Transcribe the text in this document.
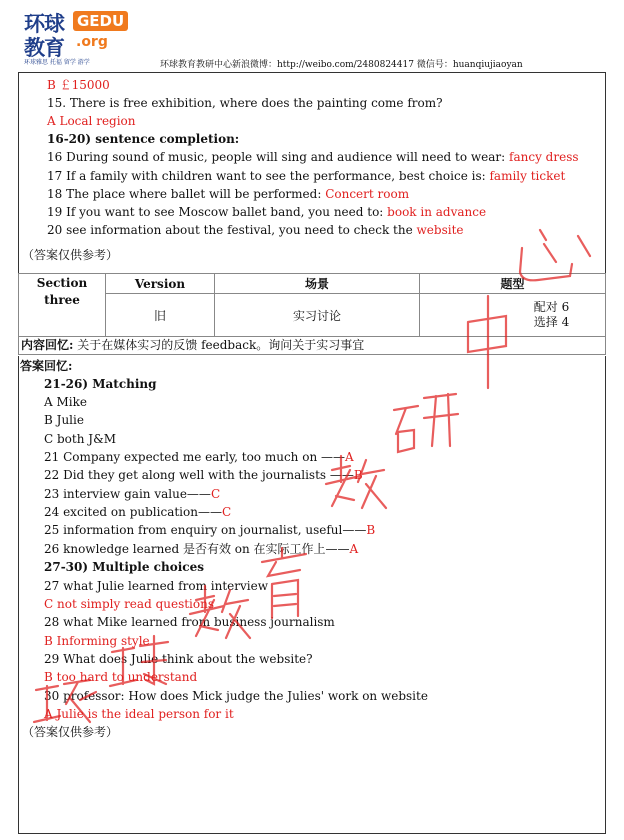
环球 GEDU
教育 .org
环球雅思 托福 留学 游学	环球教育教研中心新浪微博：http://weibo.com/2480824417 微信号：huanqiujiaoyan
B ￡15000
15. There is free exhibition, where does the painting come from?
A Local region
16-20) sentence completion:
16 During sound of music, people will sing and audience will need to wear: fancy dress
17 If a family with children want to see the performance, best choice is: family ticket
18 The place where ballet will be performed: Concert room
19 If you want to see Moscow ballet band, you need to: book in advance
20 see information about the festival, you need to check the website
（答案仅供参考）
Section
three	Version	场景	题型
	旧	实习讨论	配对 6
选择 4
内容回忆: 关于在媒体实习的反馈 feedback。询问关于实习事宜
答案回忆:
21-26) Matching
A Mike
B Julie
C both J&M
21 Company expected me early, too much on ——A
22 Did they get along well with the journalists ——B
23 interview gain value——C
24 excited on publication——C
25 information from enquiry on journalist, useful——B
26 knowledge learned 是否有效 on 在实际工作上——A
27-30) Multiple choices
27 what Julie learned from interview
C not simply read questions
28 what Mike learned from business journalism
B Informing style
29 What does Julie think about the website?
B too hard to understand
30 professor: How does Mick judge the Julies' work on website
A Julie is the ideal person for it
（答案仅供参考）
